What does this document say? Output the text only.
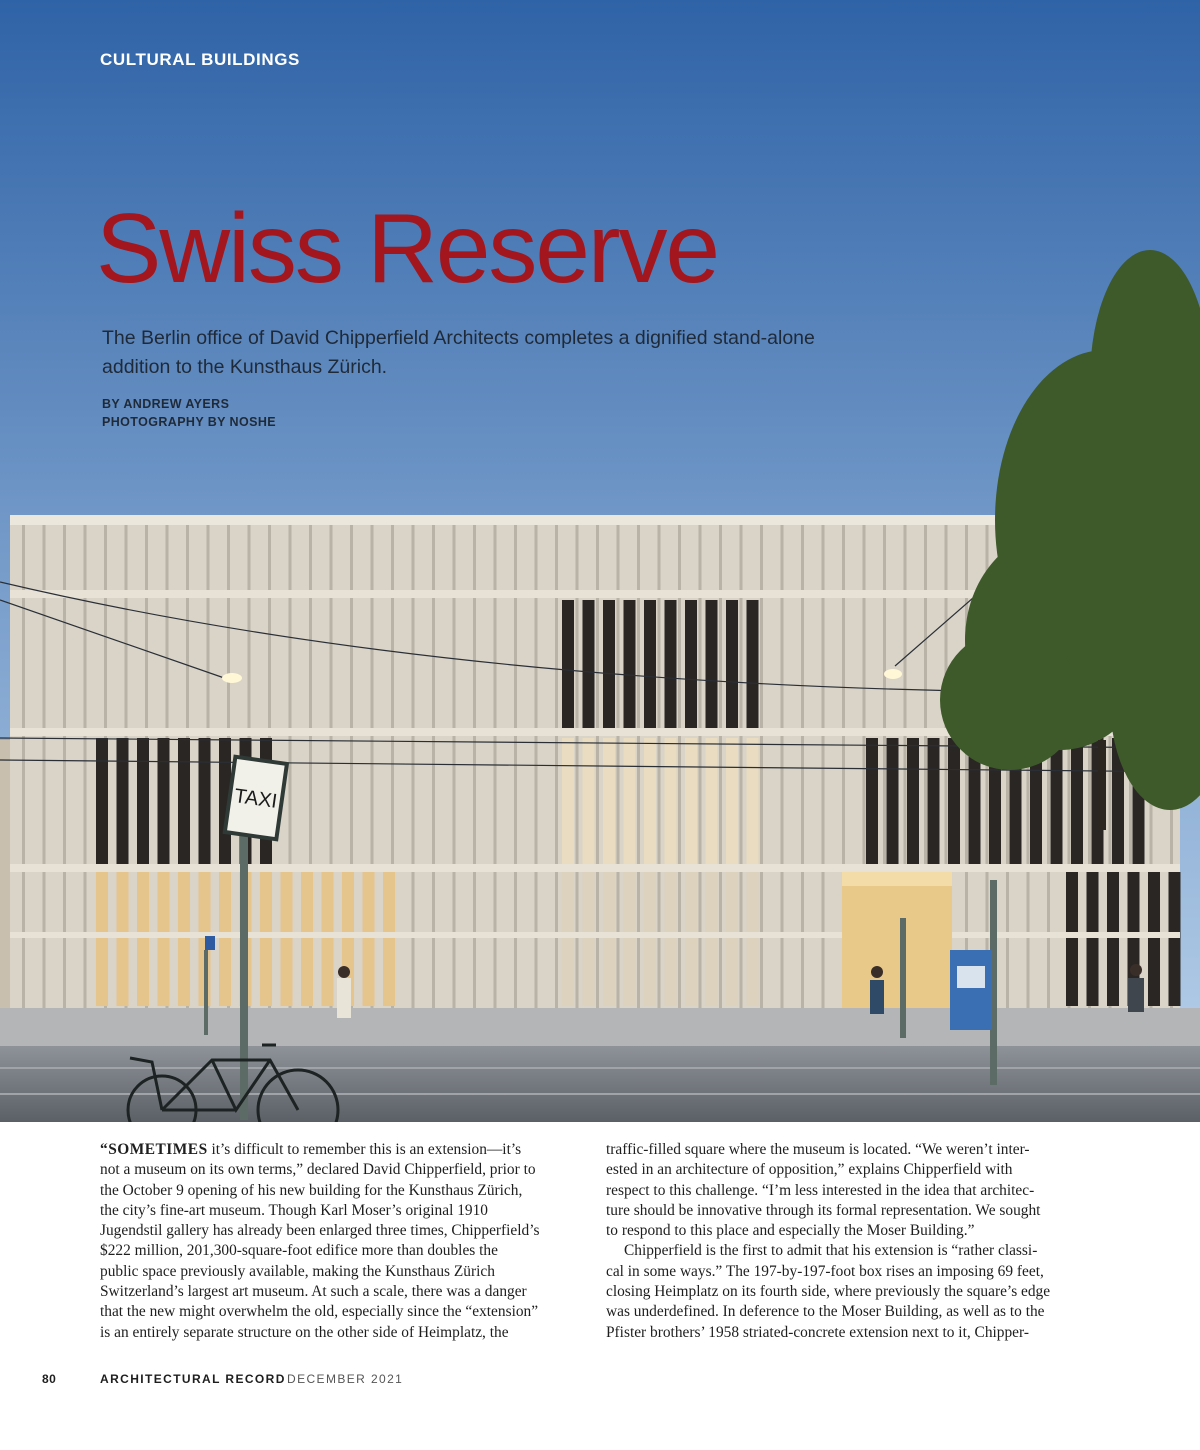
TAXI

CULTURAL BUILDINGS

Swiss Reserve

The Berlin office of David Chipperfield Architects completes a dignified stand-alone addition to the Kunsthaus Zürich.

BY ANDREW AYERS

PHOTOGRAPHY BY NOSHE

“SOMETIMES it’s difficult to remember this is an extension—it’s
not a museum on its own terms,” declared David Chipperfield, prior to
the October 9 opening of his new building for the Kunsthaus Zürich,
the city’s fine-art museum. Though Karl Moser’s original 1910
Jugendstil gallery has already been enlarged three times, Chipperfield’s
$222 million, 201,300-square-foot edifice more than doubles the
public space previously available, making the Kunsthaus Zürich
Switzerland’s largest art museum. At such a scale, there was a danger
that the new might overwhelm the old, especially since the “extension”
is an entirely separate structure on the other side of Heimplatz, the
traffic-filled square where the museum is located. “We weren’t inter-
ested in an architecture of opposition,” explains Chipperfield with
respect to this challenge. “I’m less interested in the idea that architec-
ture should be innovative through its formal representation. We sought
to respond to this place and especially the Moser Building.”
Chipperfield is the first to admit that his extension is “rather classi-
cal in some ways.” The 197-by-197-foot box rises an imposing 69 feet,
closing Heimplatz on its fourth side, where previously the square’s edge
was underdefined. In deference to the Moser Building, as well as to the
Pfister brothers’ 1958 striated-concrete extension next to it, Chipper-

80	ARCHITECTURAL RECORD DECEMBER 2021
